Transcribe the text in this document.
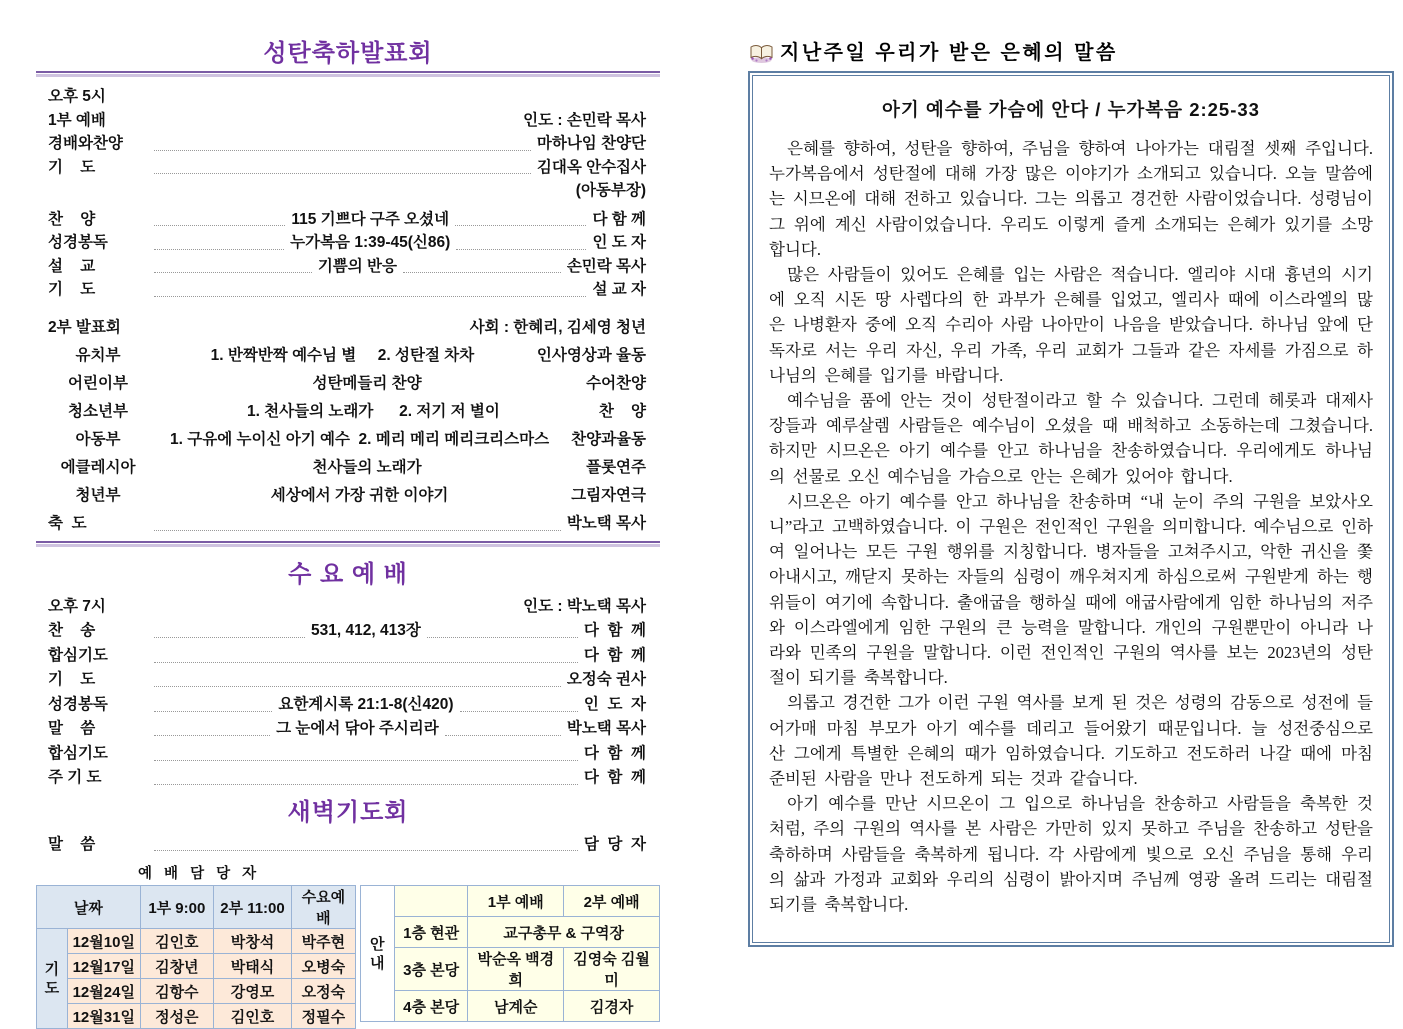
성탄축하발표회
오후 5시
1부 예배	인도 : 손민락 목사
경배와찬양	마하나임 찬양단
기    도	김대옥 안수집사
(아동부장)
찬    양	115 기쁘다 구주 오셨네	다 함 께
성경봉독	누가복음 1:39-45(신86)	인 도 자
설    교	기쁨의 반응	손민락 목사
기    도	설 교 자
2부 발표회	사회 : 한혜리, 김세영 청년
유치부	1. 반짝반짝 예수님 별     2. 성탄절 차차	인사영상과 율동
어린이부	성탄메들리 찬양	수어찬양
청소년부	1. 천사들의 노래가      2. 저기 저 별이	찬    양
아동부	1. 구유에 누이신 아기 예수  2. 메리 메리 메리크리스마스	찬양과율동
에클레시아	천사들의 노래가	플롯연주
청년부	세상에서 가장 귀한 이야기	그림자연극
축  도	박노택 목사
수 요 예 배
오후 7시	인도 : 박노택 목사
찬    송	531, 412, 413장	다  함  께
합심기도	다  함  께
기    도	오정숙 권사
성경봉독	요한계시록 21:1-8(신420)	인  도  자
말    씀	그 눈에서 닦아 주시리라	박노택 목사
합심기도	다  함  께
주 기 도	다  함  께
새벽기도회
말    씀	담  당  자
예 배 담 당 자
날짜		1부 9:00	2부 11:00	수요예배
기
도	12월10일	김인호	박창석	박주현
	12월17일	김창년	박태식	오병숙
	12월24일	김항수	강영모	오정숙
	12월31일	정성은	김인호	정필수
안
내		1부 예배	2부 예배
	1층 현관	교구총무 & 구역장	
	3층 본당	박순옥 백경희	김영숙 김월미
	4층 본당	남계순	김경자
지난주일 우리가 받은 은혜의 말씀
아기 예수를 가슴에 안다 / 누가복음 2:25-33

은혜를 향하여, 성탄을 향하여, 주님을 향하여 나아가는 대림절 셋째 주입니다. 누가복음에서 성탄절에 대해 가장 많은 이야기가 소개되고 있습니다. 오늘 말씀에는 시므온에 대해 전하고 있습니다. 그는 의롭고 경건한 사람이었습니다. 성령님이 그 위에 계신 사람이었습니다. 우리도 이렇게 즐게 소개되는 은혜가 있기를 소망합니다.

많은 사람들이 있어도 은혜를 입는 사람은 적습니다. 엘리야 시대 흉년의 시기에 오직 시돈 땅 사렙다의 한 과부가 은혜를 입었고, 엘리사 때에 이스라엘의 많은 나병환자 중에 오직 수리아 사람 나아만이 나음을 받았습니다. 하나님 앞에 단독자로 서는 우리 자신, 우리 가족, 우리 교회가 그들과 같은 자세를 가짐으로 하나님의 은혜를 입기를 바랍니다.

예수님을 품에 안는 것이 성탄절이라고 할 수 있습니다. 그런데 헤롯과 대제사장들과 예루살렘 사람들은 예수님이 오셨을 때 배척하고 소동하는데 그쳤습니다. 하지만 시므온은 아기 예수를 안고 하나님을 찬송하였습니다. 우리에게도 하나님의 선물로 오신 예수님을 가슴으로 안는 은혜가 있어야 합니다.

시므온은 아기 예수를 안고 하나님을 찬송하며 “내 눈이 주의 구원을 보았사오니”라고 고백하였습니다. 이 구원은 전인적인 구원을 의미합니다. 예수님으로 인하여 일어나는 모든 구원 행위를 지칭합니다. 병자들을 고쳐주시고, 악한 귀신을 쫓아내시고, 깨닫지 못하는 자들의 심령이 깨우쳐지게 하심으로써 구원받게 하는 행위들이 여기에 속합니다. 출애굽을 행하실 때에 애굽사람에게 임한 하나님의 저주와 이스라엘에게 임한 구원의 큰 능력을 말합니다. 개인의 구원뿐만이 아니라 나라와 민족의 구원을 말합니다. 이런 전인적인 구원의 역사를 보는 2023년의 성탄절이 되기를 축복합니다.

의롭고 경건한 그가 이런 구원 역사를 보게 된 것은 성령의 감동으로 성전에 들어가매 마침 부모가 아기 예수를 데리고 들어왔기 때문입니다. 늘 성전중심으로 산 그에게 특별한 은혜의 때가 임하였습니다. 기도하고 전도하러 나갈 때에 마침 준비된 사람을 만나 전도하게 되는 것과 같습니다.

아기 예수를 만난 시므온이 그 입으로 하나님을 찬송하고 사람들을 축복한 것처럼, 주의 구원의 역사를 본 사람은 가만히 있지 못하고 주님을 찬송하고 성탄을 축하하며 사람들을 축복하게 됩니다. 각 사람에게 빛으로 오신 주님을 통해 우리의 삶과 가정과 교회와 우리의 심령이 밝아지며 주님께 영광 올려 드리는 대림절 되기를 축복합니다.
